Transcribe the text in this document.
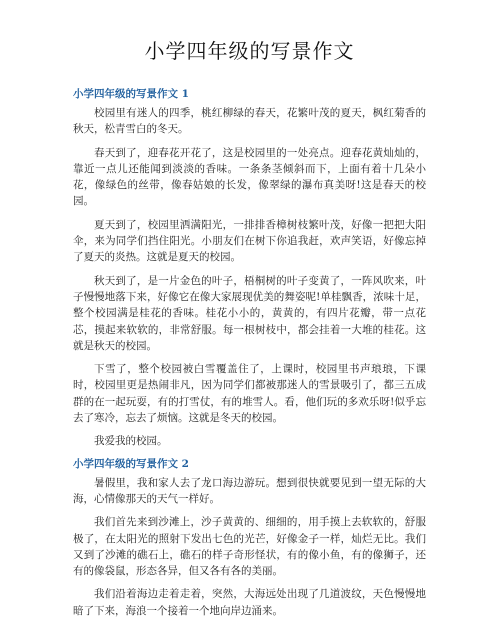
小学四年级的写景作文
小学四年级的写景作文 1

校园里有迷人的四季，桃红柳绿的春天，花繁叶茂的夏天，枫红菊香的秋天，松青雪白的冬天。

春天到了，迎春花开花了，这是校园里的一处亮点。迎春花黄灿灿的，靠近一点儿还能闻到淡淡的香味。一条条茎倾斜而下，上面有着十几朵小花，像绿色的丝带，像春姑娘的长发，像翠绿的瀑布真美呀!这是春天的校园。

夏天到了，校园里洒满阳光，一排排香樟树枝繁叶茂，好像一把把大阳伞，来为同学们挡住阳光。小朋友们在树下你追我赶，欢声笑语，好像忘掉了夏天的炎热。这就是夏天的校园。

秋天到了，是一片金色的叶子，梧桐树的叶子变黄了，一阵风吹来，叶子慢慢地落下来，好像它在像大家展现优美的舞姿呢!单桂飘香，浓味十足，整个校园满是桂花的香味。桂花小小的，黄黄的，有四片花瓣，带一点花芯，摸起来软软的，非常舒服。每一根树枝中，都会挂着一大堆的桂花。这就是秋天的校园。

下雪了，整个校园被白雪覆盖住了，上课时，校园里书声琅琅，下课时，校园里更是热闹非凡，因为同学们都被那迷人的雪景吸引了，都三五成群的在一起玩耍，有的打雪仗，有的堆雪人。看，他们玩的多欢乐呀!似乎忘去了寒冷，忘去了烦恼。这就是冬天的校园。

我爱我的校园。

小学四年级的写景作文 2

暑假里，我和家人去了龙口海边游玩。想到很快就要见到一望无际的大海，心情像那天的天气一样好。

我们首先来到沙滩上，沙子黄黄的、细细的，用手摸上去软软的，舒服极了，在太阳光的照射下发出七色的光芒，好像金子一样，灿烂无比。我们又到了沙滩的礁石上，礁石的样子奇形怪状，有的像小鱼，有的像狮子，还有的像袋鼠，形态各异，但又各有各的美丽。

我们沿着海边走着走着，突然，大海远处出现了几道波纹，天色慢慢地暗了下来，海浪一个接着一个地向岸边涌来。
